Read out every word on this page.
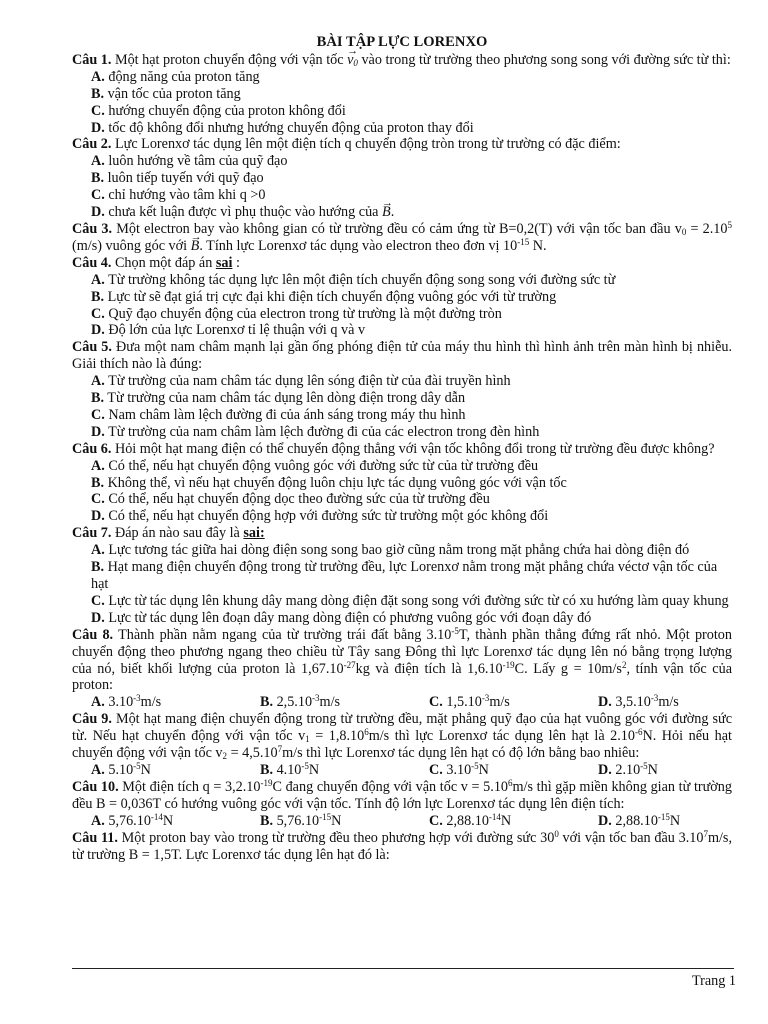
BÀI TẬP LỰC LORENXO
Câu 1. Một hạt proton chuyển động với vận tốc → $v_0$ vào trong từ trường theo phương song song với đường sức từ thì:
A. động năng của proton tăng
B. vận tốc của proton tăng
C. hướng chuyển động của proton không đổi
D. tốc độ không đổi nhưng hướng chuyển động của proton thay đổi
Câu 2. Lực Lorenxơ tác dụng lên một điện tích q chuyển động tròn trong từ trường có đặc điểm:
A. luôn hướng về tâm của quỹ đạo
B. luôn tiếp tuyến với quỹ đạo
C. chỉ hướng vào tâm khi q >0
D. chưa kết luận được vì phụ thuộc vào hướng của → B.
Câu 3. Một electron bay vào không gian có từ trường đều có cảm ứng từ B=0,2(T) với vận tốc ban đầu $v_0 = 2.10^5$ (m/s) vuông góc với → B. Tính lực Lorenxơ tác dụng vào electron theo đơn vị $10^{-15}$ N.
Câu 4. Chọn một đáp án sai :
A. Từ trường không tác dụng lực lên một điện tích chuyển động song song với đường sức từ
B. Lực từ sẽ đạt giá trị cực đại khi điện tích chuyển động vuông góc với từ trường
C. Quỹ đạo chuyển động của electron trong từ trường là một đường tròn
D. Độ lớn của lực Lorenxơ tỉ lệ thuận với q và v
Câu 5. Đưa một nam châm mạnh lại gần ống phóng điện tử của máy thu hình thì hình ảnh trên màn hình bị nhiễu. Giải thích nào là đúng:
A. Từ trường của nam châm tác dụng lên sóng điện từ của đài truyền hình
B. Từ trường của nam châm tác dụng lên dòng điện trong dây dẫn
C. Nam châm làm lệch đường đi của ánh sáng trong máy thu hình
D. Từ trường của nam châm làm lệch đường đi của các electron trong đèn hình
Câu 6. Hỏi một hạt mang điện có thể chuyển động thẳng với vận tốc không đổi trong từ trường đều được không?
A. Có thể, nếu hạt chuyển động vuông góc với đường sức từ của từ trường đều
B. Không thể, vì nếu hạt chuyển động luôn chịu lực tác dụng vuông góc với vận tốc
C. Có thể, nếu hạt chuyển động dọc theo đường sức của từ trường đều
D. Có thể, nếu hạt chuyển động hợp với đường sức từ trường một góc không đổi
Câu 7. Đáp án nào sau đây là sai:
A. Lực tương tác giữa hai dòng điện song song bao giờ cũng nằm trong mặt phẳng chứa hai dòng điện đó
B. Hạt mang điện chuyển động trong từ trường đều, lực Lorenxơ nằm trong mặt phẳng chứa véctơ vận tốc của hạt
C. Lực từ tác dụng lên khung dây mang dòng điện đặt song song với đường sức từ có xu hướng làm quay khung
D. Lực từ tác dụng lên đoạn dây mang dòng điện có phương vuông góc với đoạn dây đó
Câu 8. Thành phần nằm ngang của từ trường trái đất bằng $3.10^{-5}T$, thành phần thẳng đứng rất nhỏ. Một proton chuyển động theo phương ngang theo chiều từ Tây sang Đông thì lực Lorenxơ tác dụng lên nó bằng trọng lượng của nó, biết khối lượng của proton là $1,67.10^{-27}kg$ và điện tích là $1,6.10^{-19}C$. Lấy $g = 10m/s^2$, tính vận tốc của proton:
A. $3.10^{-3}m/s$	B. $2,5.10^{-3}m/s$	C. $1,5.10^{-3}m/s$	D. $3,5.10^{-3}m/s$
Câu 9. Một hạt mang điện chuyển động trong từ trường đều, mặt phẳng quỹ đạo của hạt vuông góc với đường sức từ. Nếu hạt chuyển động với vận tốc $v_1 = 1,8.10^6m/s$ thì lực Lorenxơ tác dụng lên hạt là $2.10^{-6}N$. Hỏi nếu hạt chuyển động với vận tốc $v_2 = 4,5.10^7m/s$ thì lực Lorenxơ tác dụng lên hạt có độ lớn bằng bao nhiêu:
A. $5.10^{-5}N$	B. $4.10^{-5}N$	C. $3.10^{-5}N$	D. $2.10^{-5}N$
Câu 10. Một điện tích $q = 3,2.10^{-19}C$ đang chuyển động với vận tốc $v = 5.10^6m/s$ thì gặp miền không gian từ trường đều B = 0,036T có hướng vuông góc với vận tốc. Tính độ lớn lực Lorenxơ tác dụng lên điện tích:
A. $5,76.10^{-14}N$	B. $5,76.10^{-15}N$	C. $2,88.10^{-14}N$	D. $2,88.10^{-15}N$
Câu 11. Một proton bay vào trong từ trường đều theo phương hợp với đường sức $30^0$ với vận tốc ban đầu 3.10$^7$m/s, từ trường B = 1,5T. Lực Lorenxơ tác dụng lên hạt đó là:
Trang 1
